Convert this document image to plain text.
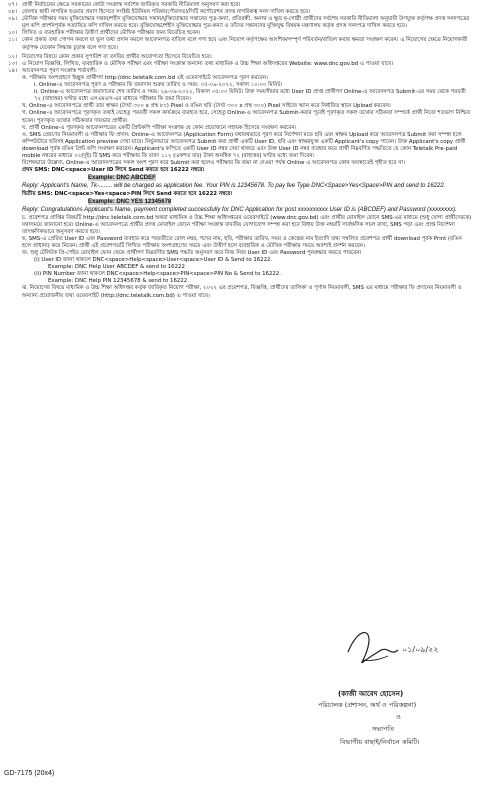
০৭। প্রার্থী নির্বাচনের ক্ষেত্রে সরকারের কোটা সংক্রান্ত সর্বশেষ জারিকৃত সরকারি নীতিমালা অনুসরণ করা হবে।
০৮। জেলার স্থায়ী নাগরিক হওয়ার প্রমাণ হিসেবে সংশ্লিষ্ট ইউনিয়ন পরিষদ/পৌরসভা/সিটি কর্পোরেশন প্রদত্ত নাগরিকত্ব সনদ দাখিল করতে হবে।
০৯। মৌখিক পরীক্ষার সময় মুক্তিযোদ্ধার সন্তান/শহীদ মুক্তিযোদ্ধার সন্তান/মুক্তিযোদ্ধার সন্তানের পুত্র-কন্যা, প্রতিবন্ধী, অনাথ ও ক্ষুদ্র নৃ-গোষ্ঠী প্রার্থীদের সর্বশেষ সরকারি নীতিমালা অনুযায়ী উপযুক্ত কর্তৃপক্ষ প্রদত্ত সনদপত্রের মূল কপি প্রদর্শনপূর্বক সত্যায়িত কপি দাখিল করতে হবে। মুক্তিযোদ্ধা/শহীদ মুক্তিযোদ্ধার পুত্র-কন্যা ও তাঁদের সন্তানদের মুক্তিযুদ্ধ বিষয়ক মন্ত্রণালয় কর্তৃক প্রদত্ত সনদপত্র দাখিল করতে হবে।
১০। লিখিত ও ব্যবহারিক পরীক্ষায় উত্তীর্ণ প্রার্থীদের মৌখিক পরীক্ষার জন্য বিবেচিত হবেন।
১১। কোন প্রকার তথ্য গোপন করলে বা ভুল তথ্য প্রদান করলে আবেদনপত্র বাতিল বলে গণ্য হবে এবং নিয়োগ কর্তৃপক্ষের আংশিক/সম্পূর্ণ পরিবর্তন/বাতিল করার ক্ষমতা সংরক্ষণ করেন। এ নিয়োগের ক্ষেত্রে নিয়োগকারী কর্তৃপক্ষ যেকোন সিদ্ধান্ত চূড়ান্ত বলে গণ্য হবে।
১২। নিয়োগের বিষয়ে কোন প্রকার সুপারিশ বা তদবির প্রার্থীর অযোগ্যতা হিসেবে বিবেচিত হবে।
১৩। এ নিয়োগ বিজ্ঞপ্তি, লিখিত, ব্যবহারিক ও মৌখিক পরীক্ষা এবং পরীক্ষা সংক্রান্ত অন্যান্য তথ্য মাধ্যমিক ও উচ্চ শিক্ষা অধিদপ্তরের Website: www.dnc.gov.bd এ পাওয়া যাবে।
১৪। আবেদনপত্র পূরণ সংক্রান্ত শর্তাবলী:
ক. পরীক্ষায় অংশগ্রহণে ইচ্ছুক প্রার্থীগণ http://dnc.teletalk.com.bd এই ওয়েবসাইটে আবেদনপত্র পূরণ করবেন।
i. Online-এ আবেদনপত্র পূরণ ও পরীক্ষার ফি জমাদান শুরুর তারিখ ও সময়: ০৫-০৯-২০২২, সকাল ১০:০০ মিনিট।
ii. Online-এ আবেদনপত্র জমাদানের শেষ তারিখ ও সময়: ২৯-০৯-২০২২, বিকাল ০৫:০০ মিনিট। উক্ত সময়সীমার মধ্যে User ID প্রাপ্ত প্রার্থীগণ Online-এ আবেদনপত্র Submit-এর সময় থেকে পরবর্তী ৭২ (বাহাত্তর) ঘণ্টার মধ্যে এসএমএস-এর মাধ্যমে পরীক্ষার ফি জমা দিবেন।
খ. Online-এ আবেদনপত্রে প্রার্থী তার স্বাক্ষর (দৈর্ঘ্য ৩০০ x প্রস্থ ৮০) Pixel ও রঙিন ছবি (দৈর্ঘ্য ৩০০ x প্রস্থ ৩০০) Pixel সাইজে স্ক্যান করে নির্ধারিত স্থানে Upload করবেন।
গ. Online-এ আবেদনপত্রে পূরণকৃত তথ্যই যেহেতু পরবর্তী সকল কার্যক্রমে ব্যবহৃত হবে, সেহেতু Online-এ আবেদনপত্র Submit-করার পূর্বেই পূরণকৃত সকল তথ্যের সঠিকতা সম্পর্কে প্রার্থী নিজে শতভাগ নিশ্চিত হবেন। পূরণকৃত তথ্যের সঠিকতার দায়ভার প্রার্থীর।
ঘ. প্রার্থী Online-এ পূরণকৃত আবেদনপত্রের একটি প্রিন্টকপি পরীক্ষা সংক্রান্ত যে কোন প্রয়োজনে সহায়ক হিসেবে সংরক্ষণ করবেন।
ঙ. SMS প্রেরণের নিয়মাবলী ও পরীক্ষার ফি প্রদান: Online-এ আবেদনপত্র (Application Form) যথাযথভাবে পূরণ করে নির্দেশনা মতে ছবি এবং স্বাক্ষর Upload করে আবেদনপত্র Submit করা সম্পন্ন হলে কম্পিউটারে ছবিসহ Application preview দেখা যাবে। নির্ভুলভাবে আবেদনপত্র Submit করা প্রার্থী একটি User ID, ছবি এবং স্বাক্ষরযুক্ত একটি Applicant's copy পাবেন। উক্ত Applicant's copy প্রার্থী download পূর্বক রঙিন প্রিন্ট কপি সংরক্ষণ করবেন। Applicant's কপিতে একটি User ID নম্বর দেয়া থাকবে এবং উক্ত User ID নম্বর ব্যবহার করে প্রার্থী নিম্নবর্ণিত পদ্ধতিতে যে কোন Teletalk Pre-paid mobile নম্বরের মাধ্যমে ০২(দুই) টি SMS করে পরীক্ষার ফি বাবদ ১১২ (একশত বার) টাকা অনধিক ৭২ (বাহাত্তর) ঘণ্টার মধ্যে জমা দিবেন।
বিশেষভাবে উল্লেখ্য, Online-এ আবেদনপত্রের সকল অংশ পূরণ করে Submit করা হলেও পরীক্ষার ফি জমা না দেওয়া পর্যন্ত Online এ আবেদনপত্র কোন অবস্থাতেই গৃহীত হবে না।
প্রথম SMS: DNC<space>User ID লিখে Send করতে হবে 16222 নম্বরে।
Example: DNC ABCDEF
Reply: Applicant's Name, Tk-........ will be charged as application fee. Your PIN is 12345678. To pay fee Type DNC<Space>Yes<Space>PIN and send to 16222.
দ্বিতীয় SMS: DNC<space>Yes<space>PIN লিখে Send করতে হবে 16222 নম্বরে।
Example: DNC YES 12345678
Reply: Congratulations Applicant's Name, payment completed successfully for DNC Application for post xxxxxxxxxx User ID is (ABCDEF) and Password (xxxxxxxx).
চ. প্রবেশপত্র প্রাপ্তির বিষয়টি http://dnc.teletalk.com.bd অথবা মাধ্যমিক ও উচ্চ শিক্ষা অধিদপ্তরের ওয়েবসাইটে (www.dnc.gov.bd) এবং প্রার্থীর মোবাইল ফোনে SMS-এর মাধ্যমে (শুধু যোগ্য প্রার্থীদেরকে) যথাসময়ে জানানো হবে। Online-এ আবেদনপত্রে প্রার্থীর প্রদত্ত মোবাইল ফোনে পরীক্ষা সংক্রান্ত যাবতীয় যোগাযোগ সম্পন্ন করা হবে বিধায় উক্ত নম্বরটি সার্বক্ষণিক সচল রাখা, SMS পড়া এবং প্রাপ্ত নির্দেশনা তাৎক্ষণিকভাবে অনুসরণ করতে হবে।
ছ. SMS-এ প্রেরিত User ID এবং Password ব্যবহার করে পরবর্তীতে রোল নম্বর, পদের নাম, ছবি, পরীক্ষার তারিখ, সময় ও কেন্দ্রের নাম ইত্যাদি তথ্য সম্বলিত প্রবেশপত্র প্রার্থী download পূর্বক Print (রঙিন হলে প্রাধান্য) করে নিবেন। প্রার্থী এই প্রবেশপত্রটি লিখিত পরীক্ষায় অংশগ্রহণের সময়ে এবং উত্তীর্ণ হলে ব্যবহারিক ও মৌখিক পরীক্ষার সময়ে অবশ্যই প্রদর্শন করবেন।
জ. শুধু টেলিটক প্রি-পেইড মোবাইল ফোন থেকে প্রার্থীগণ নিম্নবর্ণিত SMS পদ্ধতি অনুসরণ করে নিজ নিজ User ID এবং Password পুনরুদ্ধার করতে পারবেন।
(i) User ID জানা থাকলে DNC<space>Help<space>User<space>User ID & Send to 16222.
Example: DNC Help User ABCDEF & send to 16222
(ii) PIN Number জানা থাকলে DNC<space>Help<space>PIN<space>PIN No & Send to 16222.
Example: DNC Help PIN 12345678 & send to 16222.
ঝ. নিয়োগের বিষয়ে মাধ্যমিক ও উচ্চ শিক্ষা অধিদপ্তর কর্তৃক জারিকৃত নিয়োগ পরীক্ষা, ২০২২ এর প্রবেশপত্র, বিজ্ঞপ্তি, প্রার্থীদের তালিকা ও পূর্ণাঙ্গ নিয়মাবলী, SMS এর মাধ্যমে পরীক্ষার ফি প্রদানের নিয়মাবলী ও অন্যান্য প্রয়োজনীয় তথ্য ওয়েবসাইট (http://dnc.teletalk.com.bd) এ পাওয়া যাবে।
০১/০৯/২২
(কাজী আবেদ হোসেন)
পরিচালক (প্রশাসন, অর্থ ও পরিকল্পনা)
ও
সভাপতি
বিভাগীয় বাছাই/নির্বাচন কমিটি।
GD-7175 (20x4)
